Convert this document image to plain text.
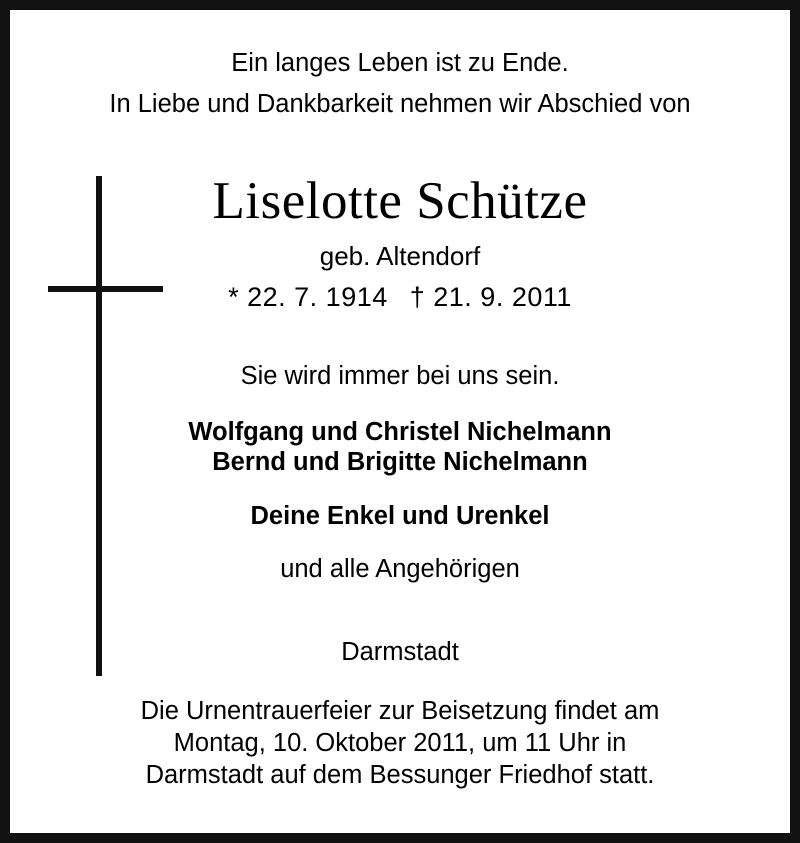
Ein langes Leben ist zu Ende.
In Liebe und Dankbarkeit nehmen wir Abschied von
Liselotte Schütze
geb. Altendorf
* 22. 7. 1914 † 21. 9. 2011
Sie wird immer bei uns sein.
Wolfgang und Christel Nichelmann
Bernd und Brigitte Nichelmann
Deine Enkel und Urenkel
und alle Angehörigen
Darmstadt
Die Urnentrauerfeier zur Beisetzung findet am
Montag, 10. Oktober 2011, um 11 Uhr in
Darmstadt auf dem Bessunger Friedhof statt.
